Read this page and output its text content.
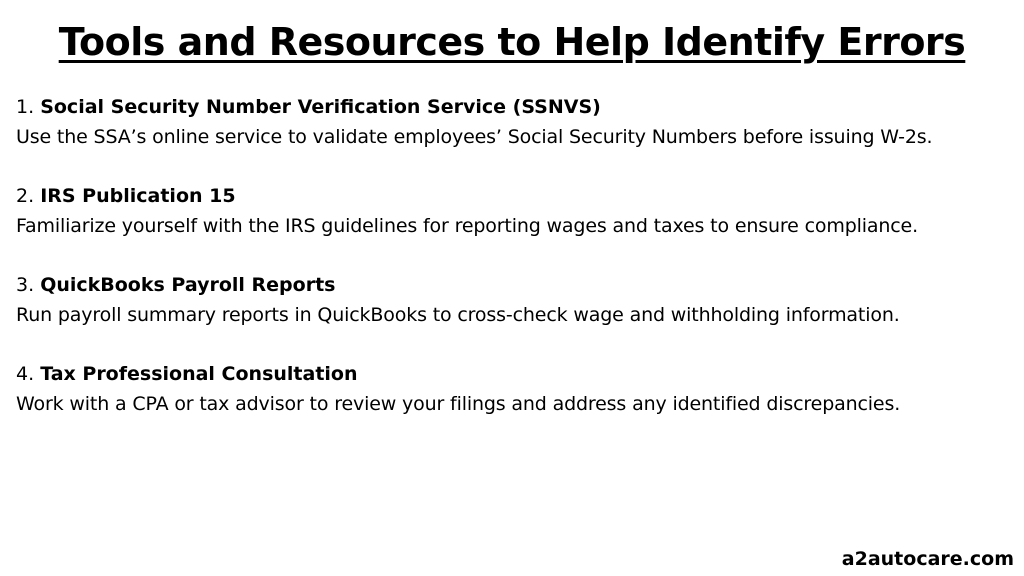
Tools and Resources to Help Identify Errors
1. Social Security Number Verification Service (SSNVS)
Use the SSA’s online service to validate employees’ Social Security Numbers before issuing W-2s.
2. IRS Publication 15
Familiarize yourself with the IRS guidelines for reporting wages and taxes to ensure compliance.
3. QuickBooks Payroll Reports
Run payroll summary reports in QuickBooks to cross-check wage and withholding information.
4. Tax Professional Consultation
Work with a CPA or tax advisor to review your filings and address any identified discrepancies.
a2autocare.com
